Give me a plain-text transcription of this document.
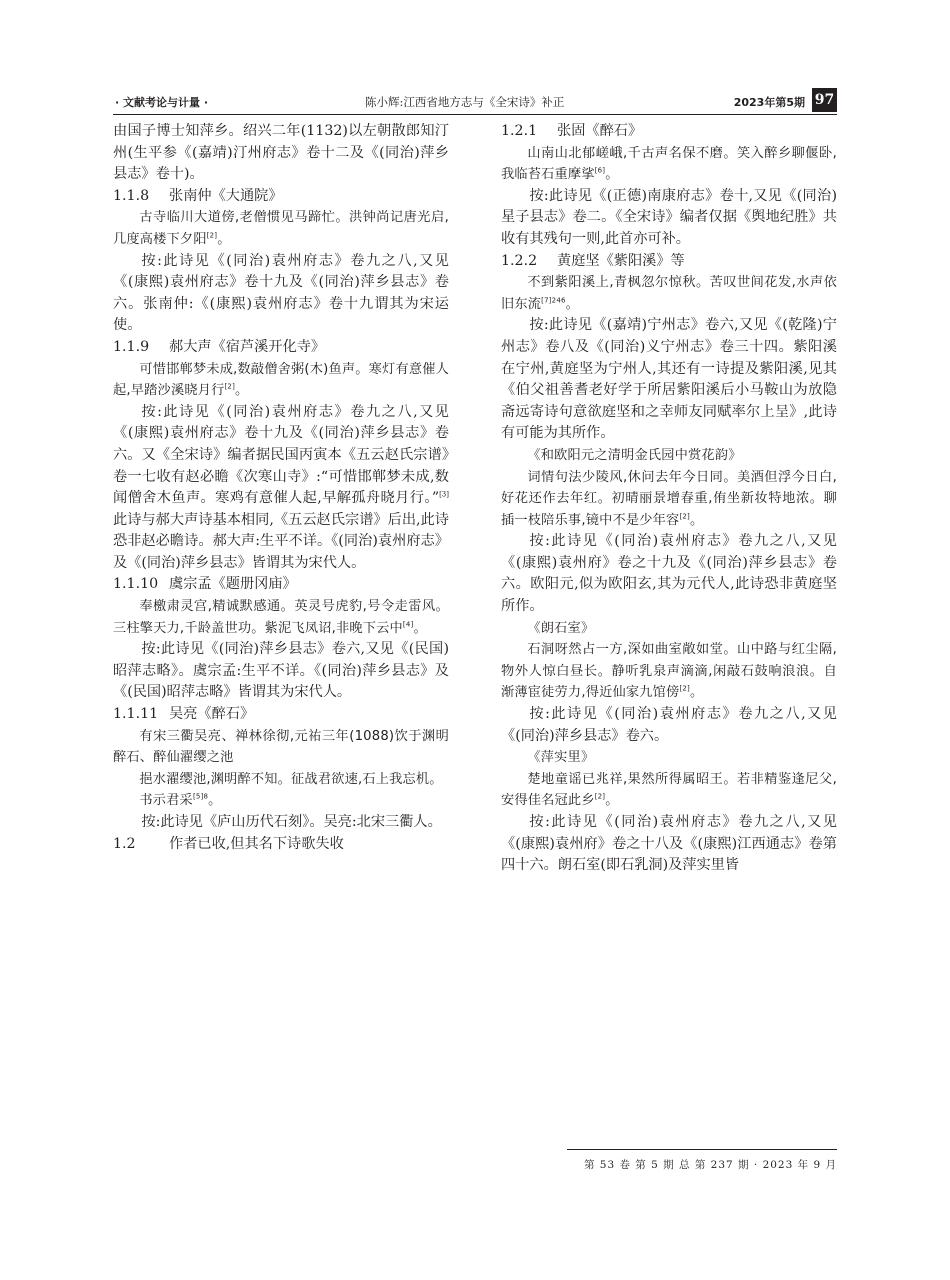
· 文献考论与计量 ·	陈小辉:江西省地方志与《全宋诗》补正	2023年第5期 97

由国子博士知萍乡。绍兴二年(1132)以左朝散郎知汀州(生平参《(嘉靖)汀州府志》卷十二及《(同治)萍乡县志》卷十)。

1.1.8 张南仲《大通院》

古寺临川大道傍,老僧惯见马蹄忙。洪钟尚记唐光启,几度高楼下夕阳[2]。

按:此诗见《(同治)袁州府志》卷九之八,又见《(康熙)袁州府志》卷十九及《(同治)萍乡县志》卷六。张南仲:《(康熙)袁州府志》卷十九谓其为宋运使。

1.1.9 郝大声《宿芦溪开化寺》

可惜邯郸梦未成,数敲僧舍粥(木)鱼声。寒灯有意催人起,早踏沙溪晓月行[2]。

按:此诗见《(同治)袁州府志》卷九之八,又见《(康熙)袁州府志》卷十九及《(同治)萍乡县志》卷六。又《全宋诗》编者据民国丙寅本《五云赵氏宗谱》卷一七收有赵必瞻《次寒山寺》:“可惜邯郸梦未成,数闻僧舍木鱼声。寒鸡有意催人起,早解孤舟晓月行。”[3]此诗与郝大声诗基本相同,《五云赵氏宗谱》后出,此诗恐非赵必瞻诗。郝大声:生平不详。《(同治)袁州府志》及《(同治)萍乡县志》皆谓其为宋代人。

1.1.10 虞宗孟《题册冈庙》

奉檄肃灵宫,精诚默感通。英灵号虎豹,号令走雷风。三柱擎天力,千龄盖世功。紫泥飞凤诏,非晚下云中[4]。

按:此诗见《(同治)萍乡县志》卷六,又见《(民国)昭萍志略》。虞宗孟:生平不详。《(同治)萍乡县志》及《(民国)昭萍志略》皆谓其为宋代人。

1.1.11 吴亮《醉石》

有宋三衢吴亮、禅林徐彻,元祐三年(1088)饮于渊明醉石、醉仙濯缨之池

挹水濯缨池,渊明醉不知。征战君欲速,石上我忘机。

书示君采$^{[5]8}$。

按:此诗见《庐山历代石刻》。吴亮:北宋三衢人。

1.2 作者已收,但其名下诗歌失收

1.2.1 张固《醉石》

山南山北郁嵯峨,千古声名保不磨。笑入醉乡聊偃卧,我临苔石重摩挲[6]。

按:此诗见《(正德)南康府志》卷十,又见《(同治)星子县志》卷二。《全宋诗》编者仅据《舆地纪胜》共收有其残句一则,此首亦可补。

1.2.2 黄庭坚《紫阳溪》等

不到紫阳溪上,青枫忽尔惊秋。苦叹世间花发,水声依旧东流$^{[7]246}$。

按:此诗见《(嘉靖)宁州志》卷六,又见《(乾隆)宁州志》卷八及《(同治)义宁州志》卷三十四。紫阳溪在宁州,黄庭坚为宁州人,其还有一诗提及紫阳溪,见其《伯父祖善耆老好学于所居紫阳溪后小马鞍山为放隐斋远寄诗句意欲庭坚和之幸师友同赋率尔上呈》,此诗有可能为其所作。

《和欧阳元之清明金氏园中赏花韵》

词情句法少陵风,休问去年今日同。美酒但浮今日白,好花还作去年红。初晴丽景增春重,侑坐新妆特地浓。聊插一枝陪乐事,镜中不是少年容[2]。

按:此诗见《(同治)袁州府志》卷九之八,又见《(康熙)袁州府》卷之十九及《(同治)萍乡县志》卷六。欧阳元,似为欧阳玄,其为元代人,此诗恐非黄庭坚所作。

《朗石室》

石洞呀然占一方,深如曲室敞如堂。山中路与红尘隔,物外人惊白昼长。静听乳泉声滴滴,闲敲石鼓响浪浪。自渐薄宦徒劳力,得近仙家九馆傍[2]。

按:此诗见《(同治)袁州府志》卷九之八,又见《(同治)萍乡县志》卷六。

《萍实里》

楚地童谣已兆祥,果然所得属昭王。若非精鉴逢尼父,安得佳名冠此乡[2]。

按:此诗见《(同治)袁州府志》卷九之八,又见《(康熙)袁州府》卷之十八及《(康熙)江西通志》卷第四十六。朗石室(即石乳洞)及萍实里皆

第 53 卷 第 5 期 总 第 237 期 · 2023 年 9 月
